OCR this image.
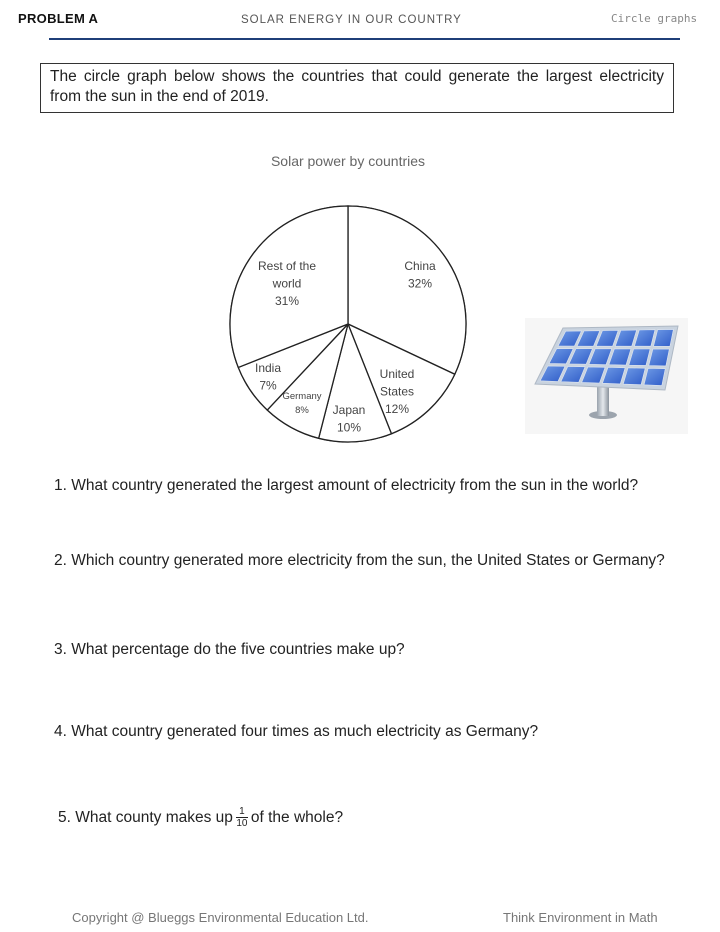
PROBLEM A	SOLAR ENERGY IN OUR COUNTRY	Circle graphs
The circle graph below shows the countries that could generate the largest electricity from the sun in the end of 2019.
Solar power by countries
China 32%
United States 12%
Japan 10%
Germany 8%
India 7%
Rest of the world 31%
1. What country generated the largest amount of electricity from the sun in the world?
2. Which country generated more electricity from the sun, the United States or Germany?
3. What percentage do the five countries make up?
4. What country generated four times as much electricity as Germany?
5. What county makes up $\frac{1}{10}$ of the whole?
Copyright @ Blueggs Environmental Education Ltd.	Think Environment in Math
